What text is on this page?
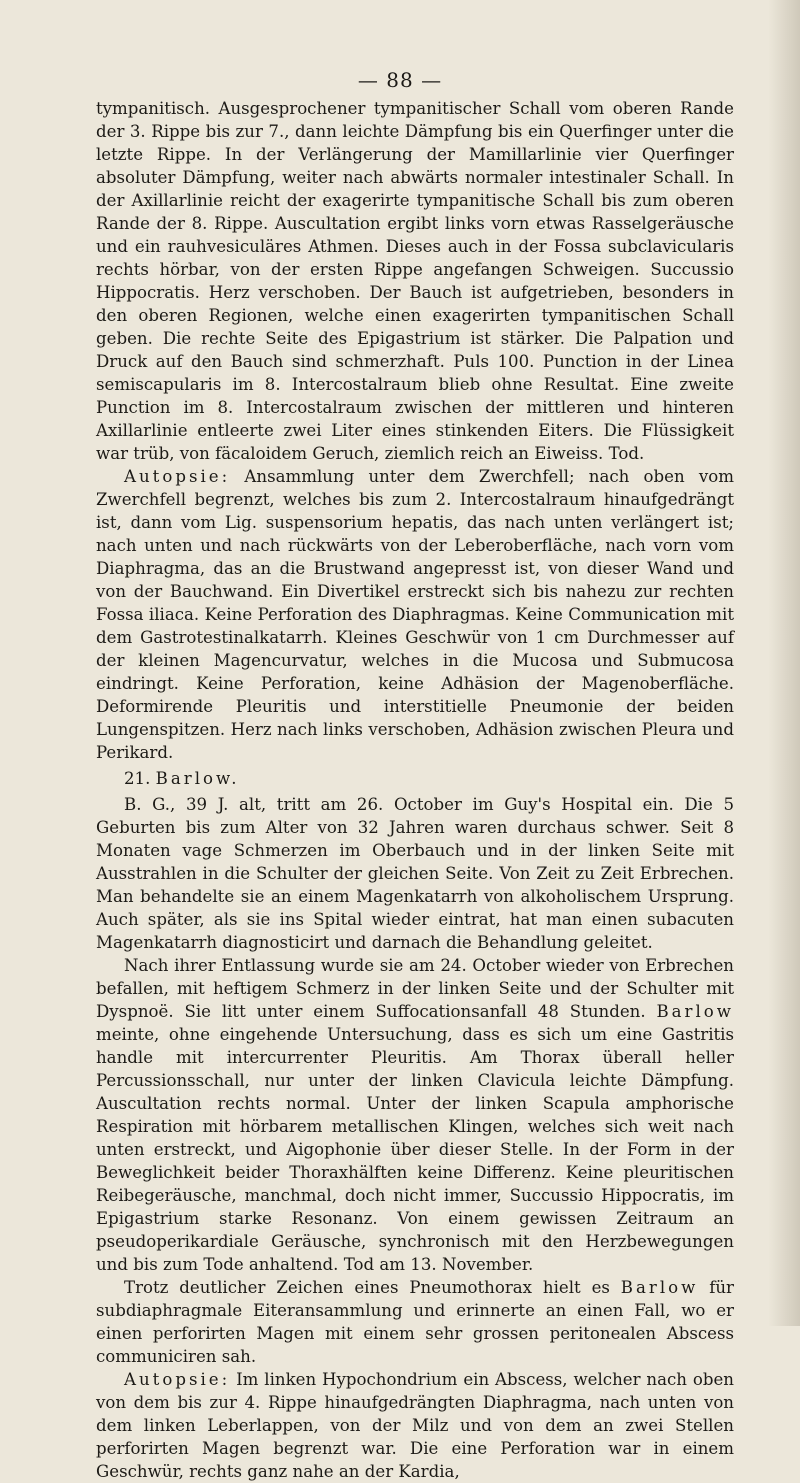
— 88 —

tympanitisch. Ausgesprochener tympanitischer Schall vom oberen Rande der 3. Rippe bis zur 7., dann leichte Dämpfung bis ein Querfinger unter die letzte Rippe. In der Verlängerung der Mamillarlinie vier Querfinger absoluter Dämpfung, weiter nach abwärts normaler intestinaler Schall. In der Axillarlinie reicht der exagerirte tympanitische Schall bis zum oberen Rande der 8. Rippe. Auscultation ergibt links vorn etwas Rasselgeräusche und ein rauhvesiculäres Athmen. Dieses auch in der Fossa subclavicularis rechts hörbar, von der ersten Rippe angefangen Schweigen. Succussio Hippocratis. Herz verschoben. Der Bauch ist aufgetrieben, besonders in den oberen Regionen, welche einen exagerirten tympanitischen Schall geben. Die rechte Seite des Epigastrium ist stärker. Die Palpation und Druck auf den Bauch sind schmerzhaft. Puls 100. Punction in der Linea semiscapularis im 8. Intercostalraum blieb ohne Resultat. Eine zweite Punction im 8. Intercostalraum zwischen der mittleren und hinteren Axillarlinie entleerte zwei Liter eines stinkenden Eiters. Die Flüssigkeit war trüb, von fäcaloidem Geruch, ziemlich reich an Eiweiss. Tod.

Autopsie: Ansammlung unter dem Zwerchfell; nach oben vom Zwerchfell begrenzt, welches bis zum 2. Intercostalraum hinaufgedrängt ist, dann vom Lig. suspensorium hepatis, das nach unten verlängert ist; nach unten und nach rückwärts von der Leberoberfläche, nach vorn vom Diaphragma, das an die Brustwand angepresst ist, von dieser Wand und von der Bauchwand. Ein Divertikel erstreckt sich bis nahezu zur rechten Fossa iliaca. Keine Perforation des Diaphragmas. Keine Communication mit dem Gastrotestinalkatarrh. Kleines Geschwür von 1 cm Durchmesser auf der kleinen Magencurvatur, welches in die Mucosa und Submucosa eindringt. Keine Perforation, keine Adhäsion der Magenoberfläche. Deformirende Pleuritis und interstitielle Pneumonie der beiden Lungenspitzen. Herz nach links verschoben, Adhäsion zwischen Pleura und Perikard.

21. Barlow.

B. G., 39 J. alt, tritt am 26. October im Guy's Hospital ein. Die 5 Geburten bis zum Alter von 32 Jahren waren durchaus schwer. Seit 8 Monaten vage Schmerzen im Oberbauch und in der linken Seite mit Ausstrahlen in die Schulter der gleichen Seite. Von Zeit zu Zeit Erbrechen. Man behandelte sie an einem Magenkatarrh von alkoholischem Ursprung. Auch später, als sie ins Spital wieder eintrat, hat man einen subacuten Magenkatarrh diagnosticirt und darnach die Behandlung geleitet.

Nach ihrer Entlassung wurde sie am 24. October wieder von Erbrechen befallen, mit heftigem Schmerz in der linken Seite und der Schulter mit Dyspnoë. Sie litt unter einem Suffocationsanfall 48 Stunden. Barlow meinte, ohne eingehende Untersuchung, dass es sich um eine Gastritis handle mit intercurrenter Pleuritis. Am Thorax überall heller Percussionsschall, nur unter der linken Clavicula leichte Dämpfung. Auscultation rechts normal. Unter der linken Scapula amphorische Respiration mit hörbarem metallischen Klingen, welches sich weit nach unten erstreckt, und Aigophonie über dieser Stelle. In der Form in der Beweglichkeit beider Thoraxhälften keine Differenz. Keine pleuritischen Reibegeräusche, manchmal, doch nicht immer, Succussio Hippocratis, im Epigastrium starke Resonanz. Von einem gewissen Zeitraum an pseudoperikardiale Geräusche, synchronisch mit den Herzbewegungen und bis zum Tode anhaltend. Tod am 13. November.

Trotz deutlicher Zeichen eines Pneumothorax hielt es Barlow für subdiaphragmale Eiteransammlung und erinnerte an einen Fall, wo er einen perforirten Magen mit einem sehr grossen peritonealen Abscess communiciren sah.

Autopsie: Im linken Hypochondrium ein Abscess, welcher nach oben von dem bis zur 4. Rippe hinaufgedrängten Diaphragma, nach unten von dem linken Leberlappen, von der Milz und von dem an zwei Stellen perforirten Magen begrenzt war. Die eine Perforation war in einem Geschwür, rechts ganz nahe an der Kardia,
